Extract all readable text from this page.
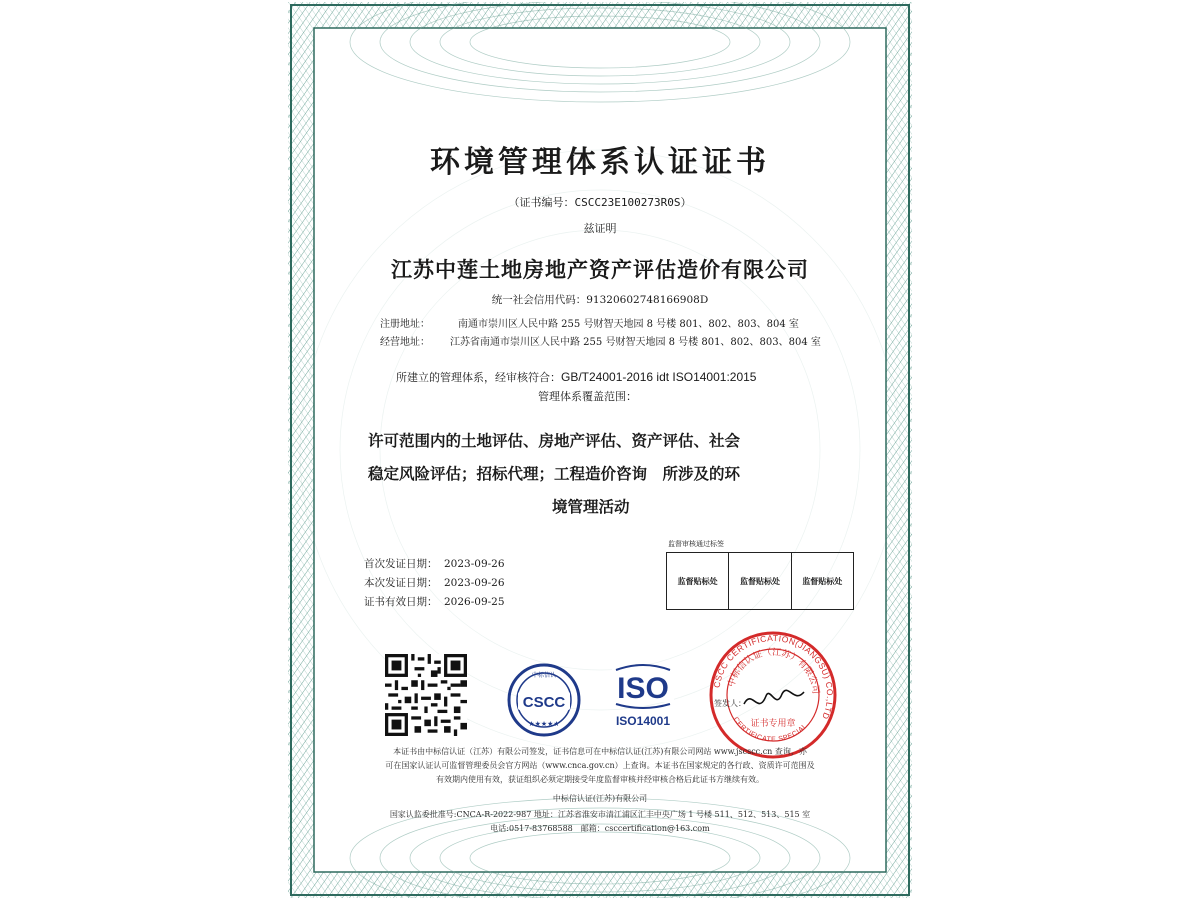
环境管理体系认证证书
（证书编号：CSCC23E100273R0S）
兹证明
江苏中莲土地房地产资产评估造价有限公司
统一社会信用代码：91320602748166908D
注册地址：	南通市崇川区人民中路 255 号财智天地园 8 号楼 801、802、803、804 室
经营地址： 江苏省南通市崇川区人民中路 255 号财智天地园 8 号楼 801、802、803、804 室
所建立的管理体系，经审核符合：GB/T24001-2016 idt ISO14001:2015
管理体系覆盖范围：
许可范围内的土地评估、房地产评估、资产评估、社会
稳定风险评估；招标代理；工程造价咨询　所涉及的环
境管理活动
首次发证日期： 2023-09-26
本次发证日期： 2023-09-26
证书有效日期： 2026-09-25
监督审核通过标签
监督贴标处	监督贴标处	监督贴标处
中标信认
CSCC
★★★★★
ISO
ISO14001
CSCC CERTIFICATION(JIANGSU) CO.,LTD
中标信认证（江苏）有限公司
CERTIFICATE SPECIAL
证书专用章
签发人：
本证书由中标信认证（江苏）有限公司签发，证书信息可在中标信认证(江苏)有限公司网站 www.jscscc.cn 查询，亦
可在国家认证认可监督管理委员会官方网站（www.cnca.gov.cn）上查询。本证书在国家规定的各行政、资质许可范围及
有效期内使用有效，获证组织必须定期接受年度监督审核并经审核合格后此证书方继续有效。
中标信认证(江苏)有限公司
国家认监委批准号:CNCA-R-2022-987 地址：江苏省淮安市清江浦区汇丰中央广场 1 号楼 511、512、513、515 室
电话:0517-83768588　邮箱：csccertification@163.com
